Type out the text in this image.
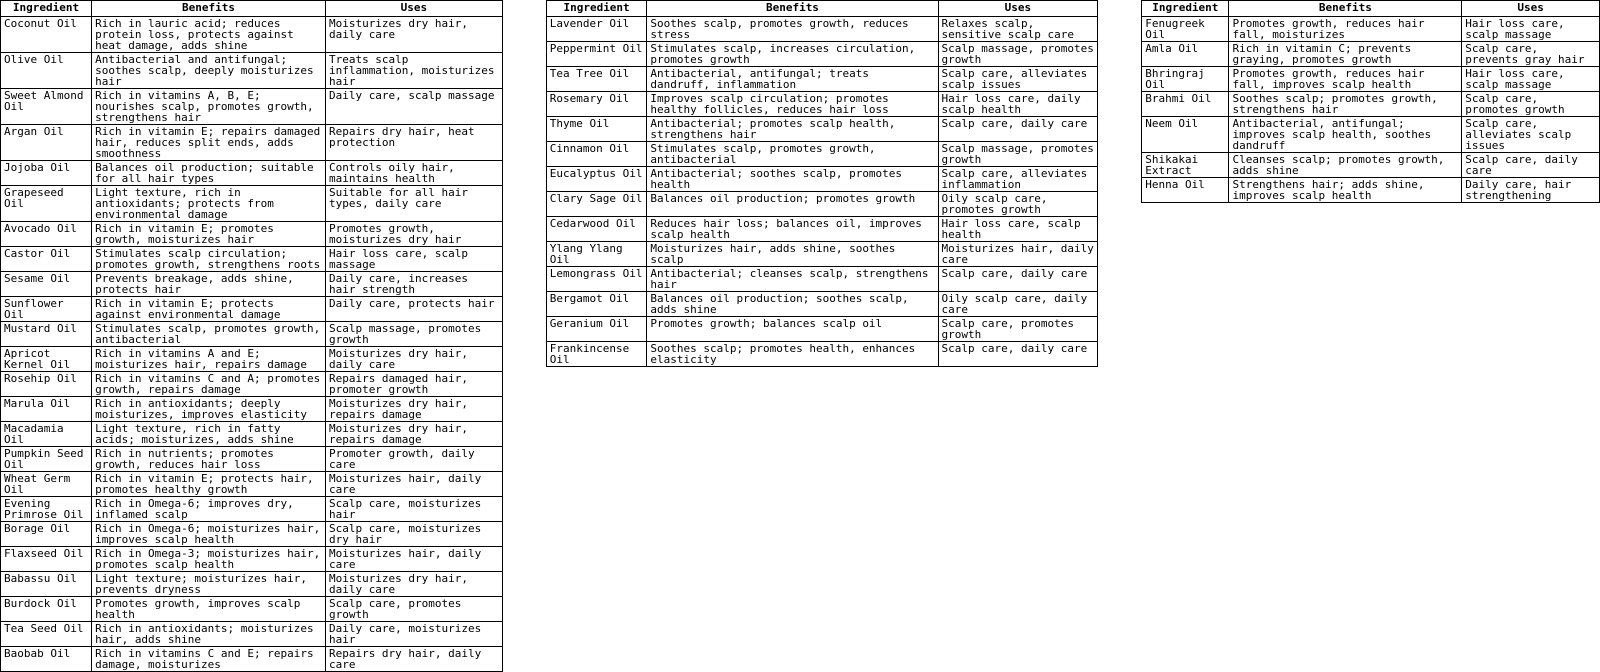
Ingredient	Benefits	Uses
Coconut Oil	Rich in lauric acid; reduces protein loss, protects against heat damage, adds shine	Moisturizes dry hair, daily care
Olive Oil	Antibacterial and antifungal; soothes scalp, deeply moisturizes hair	Treats scalp inflammation, moisturizes hair
Sweet Almond Oil	Rich in vitamins A, B, E; nourishes scalp, promotes growth, strengthens hair	Daily care, scalp massage
Argan Oil	Rich in vitamin E; repairs damaged hair, reduces split ends, adds smoothness	Repairs dry hair, heat protection
Jojoba Oil	Balances oil production; suitable for all hair types	Controls oily hair, maintains health
Grapeseed Oil	Light texture, rich in antioxidants; protects from environmental damage	Suitable for all hair types, daily care
Avocado Oil	Rich in vitamin E; promotes growth, moisturizes hair	Promotes growth, moisturizes dry hair
Castor Oil	Stimulates scalp circulation; promotes growth, strengthens roots	Hair loss care, scalp massage
Sesame Oil	Prevents breakage, adds shine, protects hair	Daily care, increases hair strength
Sunflower Oil	Rich in vitamin E; protects against environmental damage	Daily care, protects hair
Mustard Oil	Stimulates scalp, promotes growth, antibacterial	Scalp massage, promotes growth
Apricot Kernel Oil	Rich in vitamins A and E; moisturizes hair, repairs damage	Moisturizes dry hair, daily care
Rosehip Oil	Rich in vitamins C and A; promotes growth, repairs damage	Repairs damaged hair, promoter growth
Marula Oil	Rich in antioxidants; deeply moisturizes, improves elasticity	Moisturizes dry hair, repairs damage
Macadamia Oil	Light texture, rich in fatty acids; moisturizes, adds shine	Moisturizes dry hair, repairs damage
Pumpkin Seed Oil	Rich in nutrients; promotes growth, reduces hair loss	Promoter growth, daily care
Wheat Germ Oil	Rich in vitamin E; protects hair, promotes healthy growth	Moisturizes hair, daily care
Evening Primrose Oil	Rich in Omega-6; improves dry, inflamed scalp	Scalp care, moisturizes hair
Borage Oil	Rich in Omega-6; moisturizes hair, improves scalp health	Scalp care, moisturizes dry hair
Flaxseed Oil	Rich in Omega-3; moisturizes hair, promotes scalp health	Moisturizes hair, daily care
Babassu Oil	Light texture; moisturizes hair, prevents dryness	Moisturizes dry hair, daily care
Burdock Oil	Promotes growth, improves scalp health	Scalp care, promotes growth
Tea Seed Oil	Rich in antioxidants; moisturizes hair, adds shine	Daily care, moisturizes hair
Baobab Oil	Rich in vitamins C and E; repairs damage, moisturizes	Repairs dry hair, daily care
Ingredient	Benefits	Uses
Lavender Oil	Soothes scalp, promotes growth, reduces stress	Relaxes scalp, sensitive scalp care
Peppermint Oil	Stimulates scalp, increases circulation, promotes growth	Scalp massage, promotes growth
Tea Tree Oil	Antibacterial, antifungal; treats dandruff, inflammation	Scalp care, alleviates scalp issues
Rosemary Oil	Improves scalp circulation; promotes healthy follicles, reduces hair loss	Hair loss care, daily scalp health
Thyme Oil	Antibacterial; promotes scalp health, strengthens hair	Scalp care, daily care
Cinnamon Oil	Stimulates scalp, promotes growth, antibacterial	Scalp massage, promotes growth
Eucalyptus Oil	Antibacterial; soothes scalp, promotes health	Scalp care, alleviates inflammation
Clary Sage Oil	Balances oil production; promotes growth	Oily scalp care, promotes growth
Cedarwood Oil	Reduces hair loss; balances oil, improves scalp health	Hair loss care, scalp health
Ylang Ylang Oil	Moisturizes hair, adds shine, soothes scalp	Moisturizes hair, daily care
Lemongrass Oil	Antibacterial; cleanses scalp, strengthens hair	Scalp care, daily care
Bergamot Oil	Balances oil production; soothes scalp, adds shine	Oily scalp care, daily care
Geranium Oil	Promotes growth; balances scalp oil	Scalp care, promotes growth
Frankincense Oil	Soothes scalp; promotes health, enhances elasticity	Scalp care, daily care
Ingredient	Benefits	Uses
Fenugreek Oil	Promotes growth, reduces hair fall, moisturizes	Hair loss care, scalp massage
Amla Oil	Rich in vitamin C; prevents graying, promotes growth	Scalp care, prevents gray hair
Bhringraj Oil	Promotes growth, reduces hair fall, improves scalp health	Hair loss care, scalp massage
Brahmi Oil	Soothes scalp; promotes growth, strengthens hair	Scalp care, promotes growth
Neem Oil	Antibacterial, antifungal; improves scalp health, soothes dandruff	Scalp care, alleviates scalp issues
Shikakai Extract	Cleanses scalp; promotes growth, adds shine	Scalp care, daily care
Henna Oil	Strengthens hair; adds shine, improves scalp health	Daily care, hair strengthening
